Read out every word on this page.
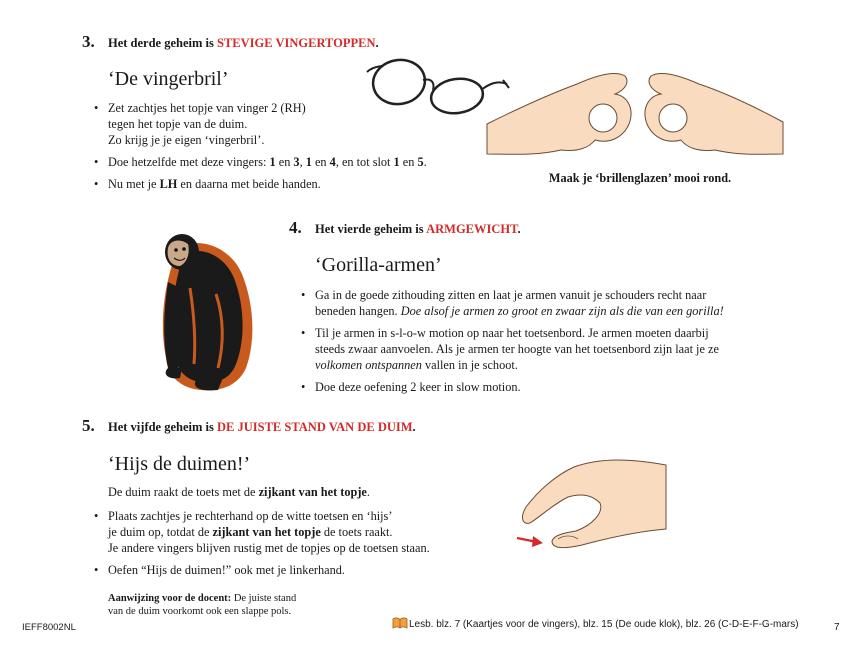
3. Het derde geheim is STEVIGE VINGERTOPPEN.
‘De vingerbril’
• Zet zachtjes het topje van vinger 2 (RH)
tegen het topje van de duim.
Zo krijg je je eigen ‘vingerbril’.
• Doe hetzelfde met deze vingers: 1 en 3, 1 en 4, en tot slot 1 en 5.
• Nu met je LH en daarna met beide handen.	Maak je ‘brillenglazen’ mooi rond.
4. Het vierde geheim is ARMGEWICHT.
‘Gorilla-armen’
• Ga in de goede zithouding zitten en laat je armen vanuit je schouders recht naar
beneden hangen. Doe alsof je armen zo groot en zwaar zijn als die van een gorilla!
• Til je armen in s-l-o-w motion op naar het toetsenbord. Je armen moeten daarbij
steeds zwaar aanvoelen. Als je armen ter hoogte van het toetsenbord zijn laat je ze
volkomen ontspannen vallen in je schoot.
• Doe deze oefening 2 keer in slow motion.
5. Het vijfde geheim is DE JUISTE STAND VAN DE DUIM.
‘Hijs de duimen!’
De duim raakt de toets met de zijkant van het topje.
• Plaats zachtjes je rechterhand op de witte toetsen en ‘hijs’
je duim op, totdat de zijkant van het topje de toets raakt.
Je andere vingers blijven rustig met de topjes op de toetsen staan.
• Oefen “Hijs de duimen!” ook met je linkerhand.
Aanwijzing voor de docent: De juiste stand
van de duim voorkomt ook een slappe pols.
IEFF8002NL	Lesb. blz. 7 (Kaartjes voor de vingers), blz. 15 (De oude klok), blz. 26 (C-D-E-F-G-mars)	7
